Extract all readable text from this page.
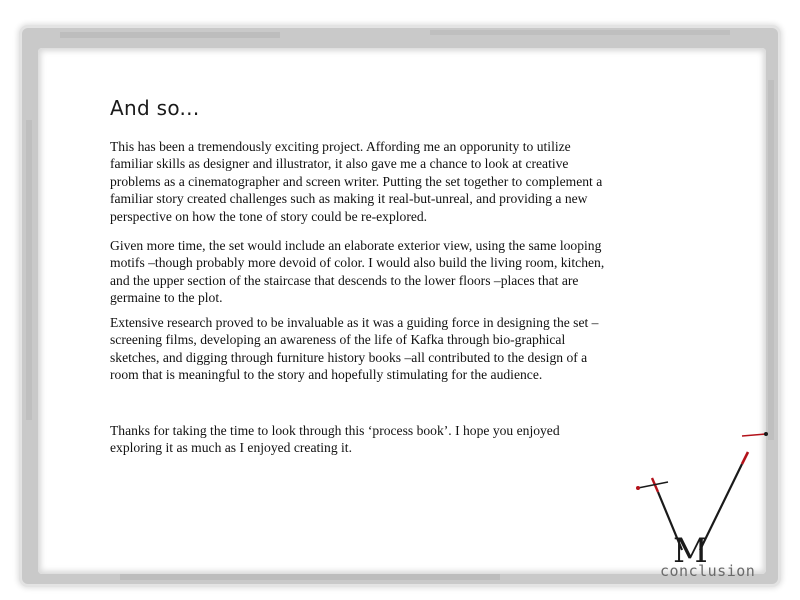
And so...

This has been a tremendously exciting project. Affording me an opporunity to utilize familiar skills as designer and illustrator, it also gave me a chance to look at creative problems as a cinematographer and screen writer. Putting the set together to complement a familiar story created challenges such as making it real-but-unreal, and providing a new perspective on how the tone of story could be re-explored.

Given more time, the set would include an elaborate exterior view, using the same looping motifs –though probably more devoid of color. I would also build the living room, kitchen, and the upper section of the staircase that descends to the lower floors –places that are germaine to the plot.

Extensive research proved to be invaluable as it was a guiding force in designing the set –screening films, developing an awareness of the life of Kafka through bio-graphical sketches, and digging through furniture history books –all contributed to the design of a room that is meaningful to the story and hopefully stimulating for the audience.

Thanks for taking the time to look through this ‘process book’. I hope you enjoyed exploring it as much as I enjoyed creating it.

M
conclusion
